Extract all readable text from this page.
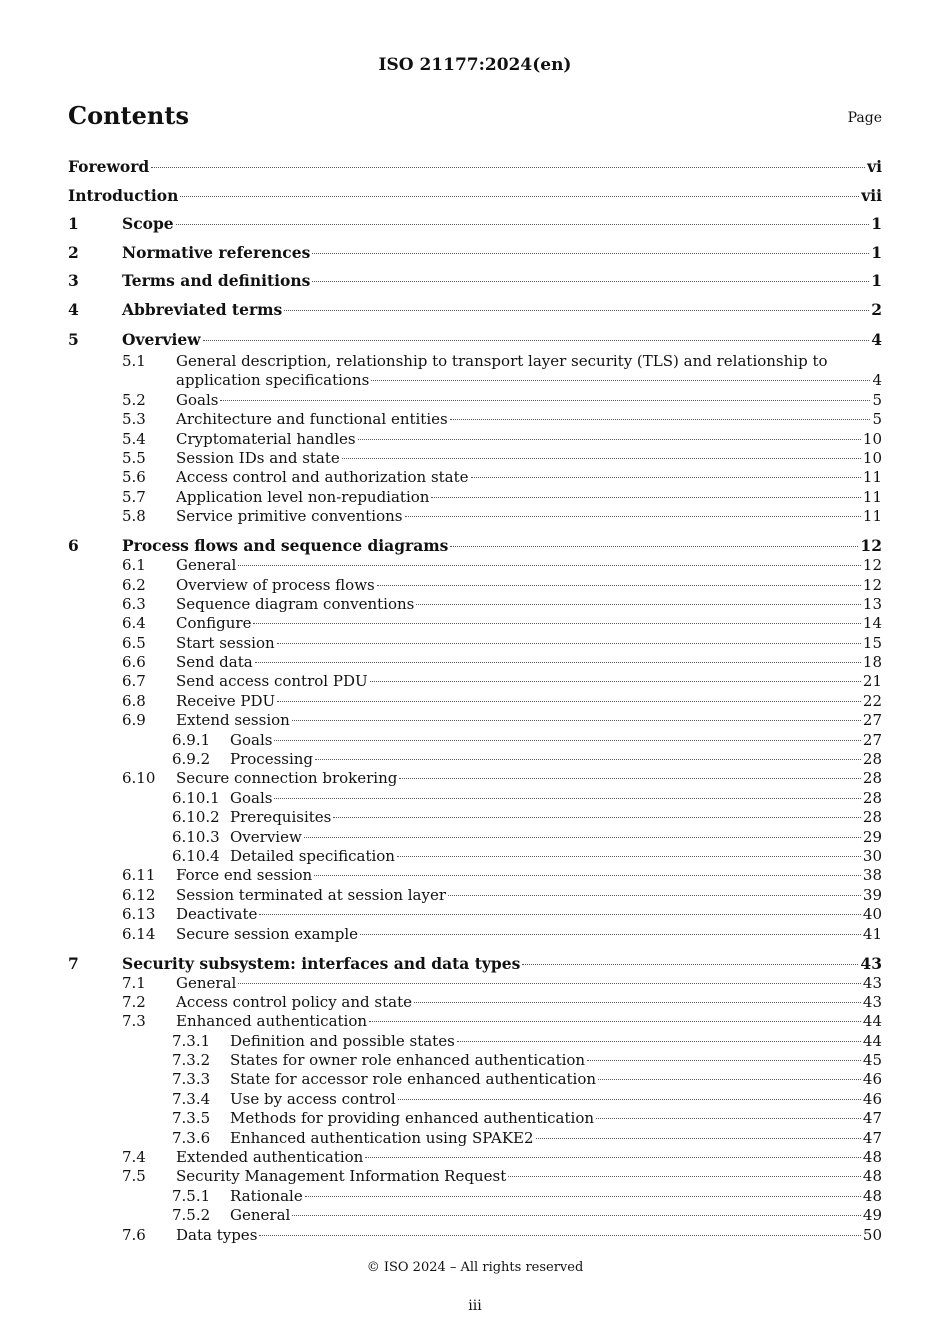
ISO 21177:2024(en)
Contents	Page
Foreword	vi
Introduction	vii
1	Scope	1
2	Normative references	1
3	Terms and definitions	1
4	Abbreviated terms	2
5	Overview	4
5.1 General description, relationship to transport layer security (TLS) and relationship to
application specifications	4
5.2	Goals	5
5.3	Architecture and functional entities	5
5.4	Cryptomaterial handles	10
5.5	Session IDs and state	10
5.6	Access control and authorization state	11
5.7	Application level non-repudiation	11
5.8	Service primitive conventions	11
6	Process flows and sequence diagrams	12
6.1	General	12
6.2	Overview of process flows	12
6.3	Sequence diagram conventions	13
6.4	Configure	14
6.5	Start session	15
6.6	Send data	18
6.7	Send access control PDU	21
6.8	Receive PDU	22
6.9	Extend session	27
6.9.1	Goals	27
6.9.2	Processing	28
6.10	Secure connection brokering	28
6.10.1 Goals	28
6.10.2 Prerequisites	28
6.10.3 Overview	29
6.10.4 Detailed specification	30
6.11	Force end session	38
6.12	Session terminated at session layer	39
6.13	Deactivate	40
6.14	Secure session example	41
7	Security subsystem: interfaces and data types	43
7.1	General	43
7.2	Access control policy and state	43
7.3	Enhanced authentication	44
7.3.1	Definition and possible states	44
7.3.2	States for owner role enhanced authentication	45
7.3.3	State for accessor role enhanced authentication	46
7.3.4	Use by access control	46
7.3.5	Methods for providing enhanced authentication	47
7.3.6	Enhanced authentication using SPAKE2	47
7.4	Extended authentication	48
7.5	Security Management Information Request	48
7.5.1	Rationale	48
7.5.2	General	49
7.6	Data types	50
© ISO 2024 – All rights reserved
iii
